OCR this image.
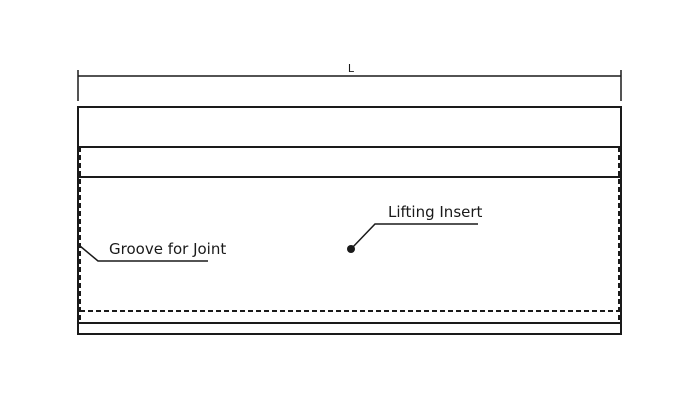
L
Lifting Insert
Groove for Joint
